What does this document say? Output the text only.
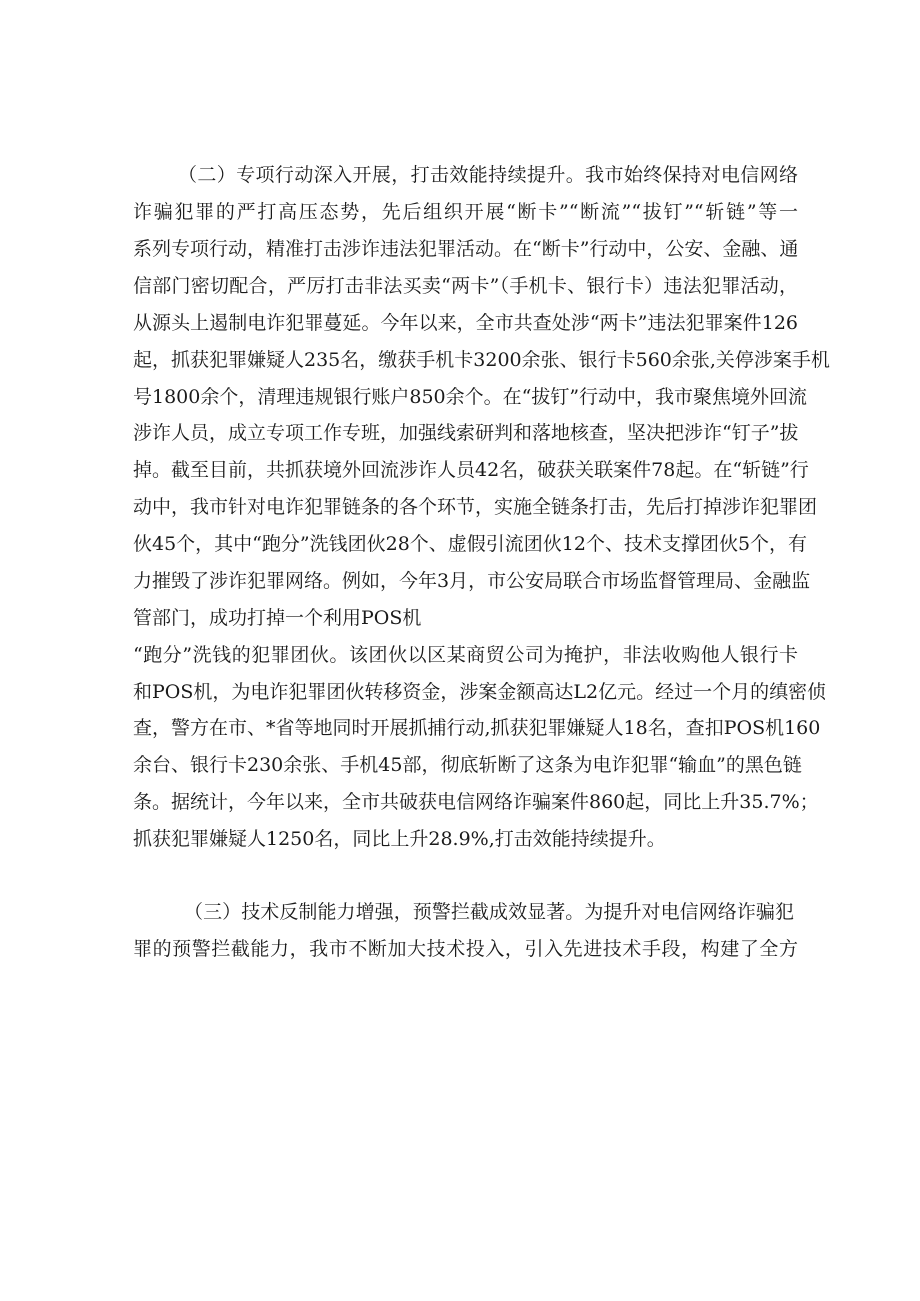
（二）专项行动深入开展，打击效能持续提升。我市始终保持对电信网络
诈骗犯罪的严打高压态势，先后组织开展“断卡”“断流”“拔钉”“斩链”等一
系列专项行动，精准打击涉诈违法犯罪活动。在“断卡”行动中，公安、金融、通
信部门密切配合，严厉打击非法买卖“两卡”（手机卡、银行卡）违法犯罪活动，
从源头上遏制电诈犯罪蔓延。今年以来，全市共查处涉“两卡”违法犯罪案件126
起，抓获犯罪嫌疑人235名，缴获手机卡3200余张、银行卡560余张,关停涉案手机
号1800余个，清理违规银行账户850余个。在“拔钉”行动中，我市聚焦境外回流
涉诈人员，成立专项工作专班，加强线索研判和落地核查，坚决把涉诈“钉子”拔
掉。截至目前，共抓获境外回流涉诈人员42名，破获关联案件78起。在“斩链”行
动中，我市针对电诈犯罪链条的各个环节，实施全链条打击，先后打掉涉诈犯罪团
伙45个，其中“跑分”洗钱团伙28个、虚假引流团伙12个、技术支撑团伙5个，有
力摧毁了涉诈犯罪网络。例如，今年3月，市公安局联合市场监督管理局、金融监
管部门，成功打掉一个利用POS机
“跑分”洗钱的犯罪团伙。该团伙以区某商贸公司为掩护，非法收购他人银行卡
和POS机，为电诈犯罪团伙转移资金，涉案金额高达L2亿元。经过一个月的缜密侦
查，警方在市、*省等地同时开展抓捕行动,抓获犯罪嫌疑人18名，查扣POS机160
余台、银行卡230余张、手机45部，彻底斩断了这条为电诈犯罪“输血”的黑色链
条。据统计，今年以来，全市共破获电信网络诈骗案件860起，同比上升35.7%；
抓获犯罪嫌疑人1250名，同比上升28.9%,打击效能持续提升。
（三）技术反制能力增强，预警拦截成效显著。为提升对电信网络诈骗犯
罪的预警拦截能力，我市不断加大技术投入，引入先进技术手段，构建了全方
